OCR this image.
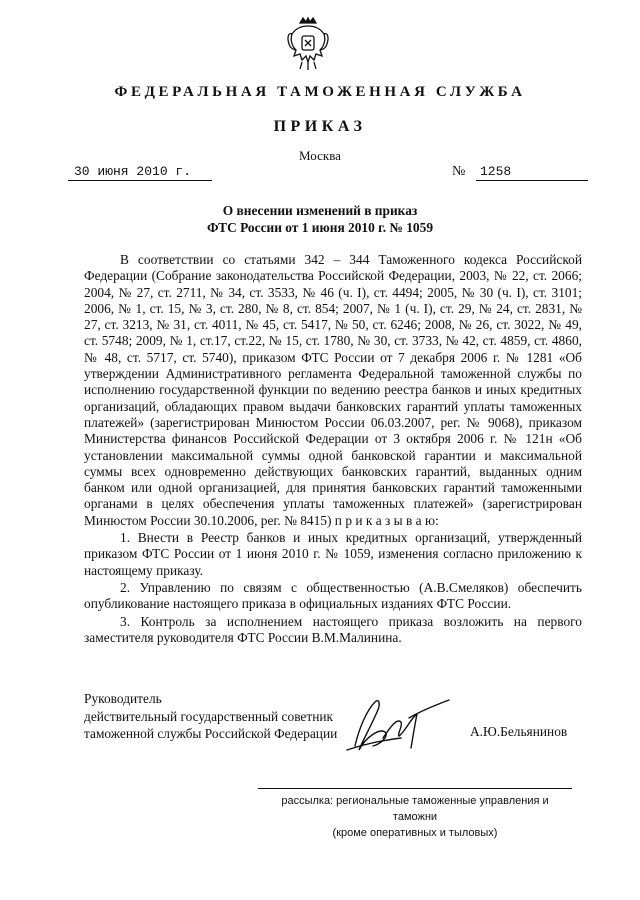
ФЕДЕРАЛЬНАЯ ТАМОЖЕННАЯ СЛУЖБА
ПРИКАЗ
Москва
30 июня 2010 г.	№	1258
О внесении изменений в приказ
ФТС России от 1 июня 2010 г. № 1059

В соответствии со статьями 342 – 344 Таможенного кодекса Российской Федерации (Собрание законодательства Российской Федерации, 2003, № 22, ст. 2066; 2004, № 27, ст. 2711, № 34, ст. 3533, № 46 (ч. I), ст. 4494; 2005, № 30 (ч. I), ст. 3101; 2006, № 1, ст. 15, № 3, ст. 280, № 8, ст. 854; 2007, № 1 (ч. I), ст. 29, № 24, ст. 2831, № 27, ст. 3213, № 31, ст. 4011, № 45, ст. 5417, № 50, ст. 6246; 2008, № 26, ст. 3022, № 49, ст. 5748; 2009, № 1, ст.17, ст.22, № 15, ст. 1780, № 30, ст. 3733, № 42, ст. 4859, ст. 4860, № 48, ст. 5717, ст. 5740), приказом ФТС России от 7 декабря 2006 г. № 1281 «Об утверждении Административного регламента Федеральной таможенной службы по исполнению государственной функции по ведению реестра банков и иных кредитных организаций, обладающих правом выдачи банковских гарантий уплаты таможенных платежей» (зарегистрирован Минюстом России 06.03.2007, рег. № 9068), приказом Министерства финансов Российской Федерации от 3 октября 2006 г. № 121н «Об установлении максимальной суммы одной банковской гарантии и максимальной суммы всех одновременно действующих банковских гарантий, выданных одним банком или одной организацией, для принятия банковских гарантий таможенными органами в целях обеспечения уплаты таможенных платежей» (зарегистрирован Минюстом России 30.10.2006, рег. № 8415) п р и к а з ы в а ю:

1. Внести в Реестр банков и иных кредитных организаций, утвержденный приказом ФТС России от 1 июня 2010 г. № 1059, изменения согласно приложению к настоящему приказу.

2. Управлению по связям с общественностью (А.В.Смеляков) обеспечить опубликование настоящего приказа в официальных изданиях ФТС России.

3. Контроль за исполнением настоящего приказа возложить на первого заместителя руководителя ФТС России В.М.Малинина.

Руководитель
действительный государственный советник
таможенной службы Российской Федерации	А.Ю.Бельянинов
рассылка: региональные таможенные управления и таможни
(кроме оперативных и тыловых)
